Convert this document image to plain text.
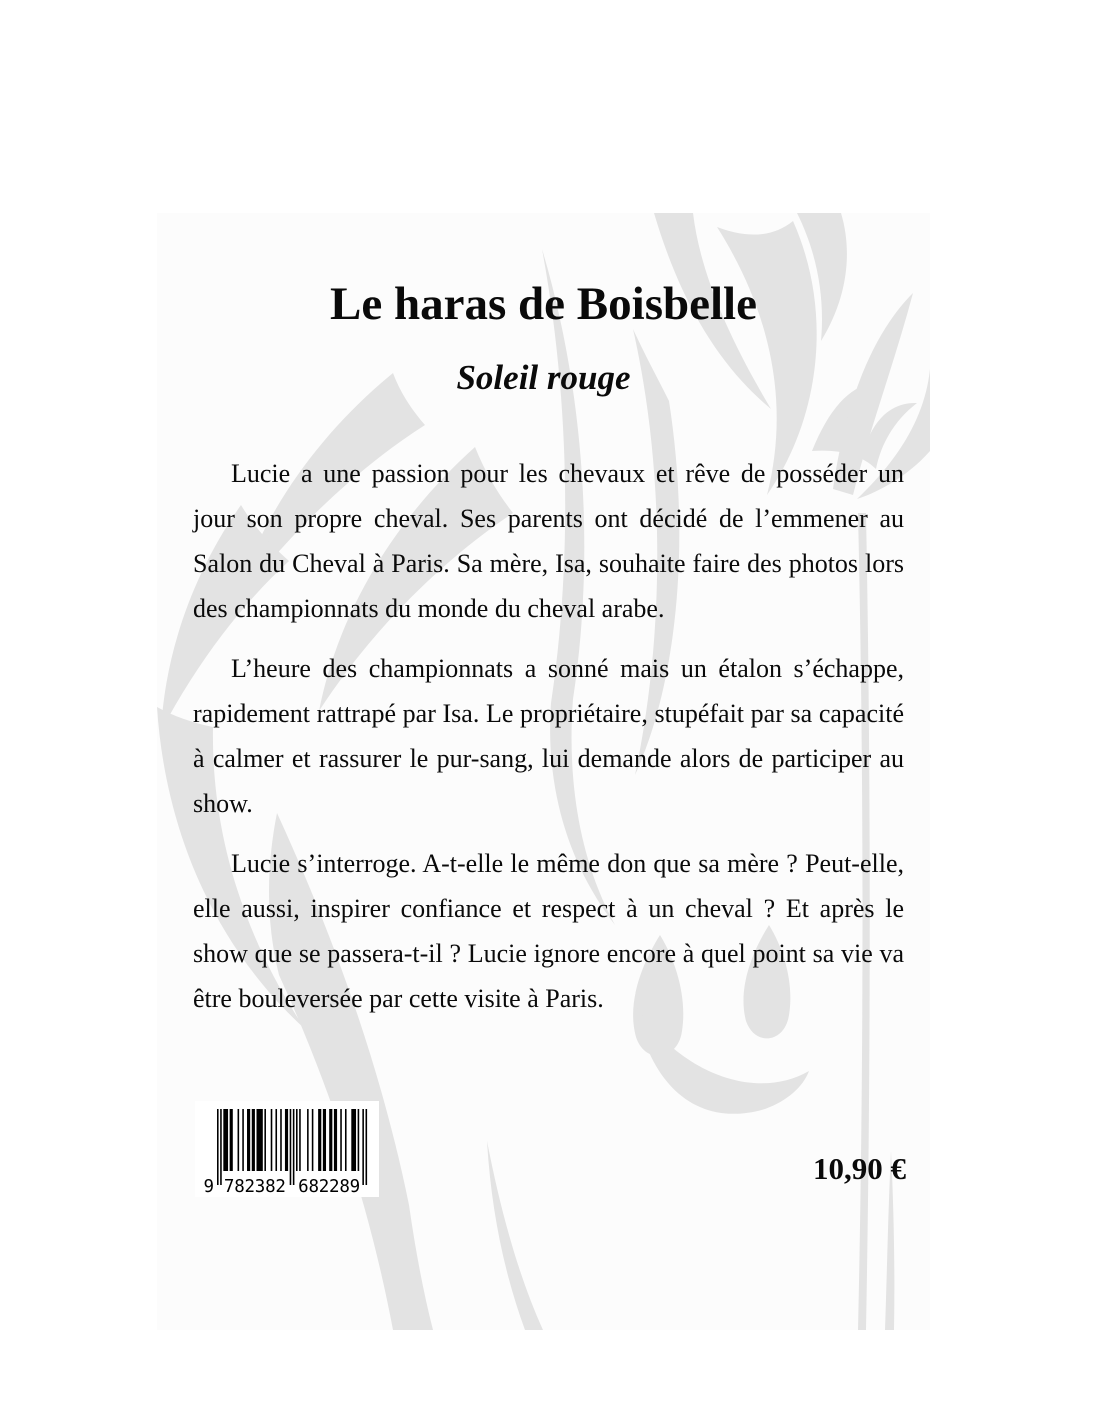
Le haras de Boisbelle
Soleil rouge

Lucie a une passion pour les chevaux et rêve de posséder un jour son propre cheval. Ses parents ont décidé de l’emmener au Salon du Cheval à Paris. Sa mère, Isa, souhaite faire des photos lors des championnats du monde du cheval arabe.

L’heure des championnats a sonné mais un étalon s’échappe, rapidement rattrapé par Isa. Le propriétaire, stupéfait par sa capacité à calmer et rassurer le pur-sang, lui demande alors de participer au show.

Lucie s’interroge. A-t-elle le même don que sa mère ? Peut-elle, elle aussi, inspirer confiance et respect à un cheval ? Et après le show que se passera-t-il ? Lucie ignore encore à quel point sa vie va être bouleversée par cette visite à Paris.

9 782382 682289
10,90 €
